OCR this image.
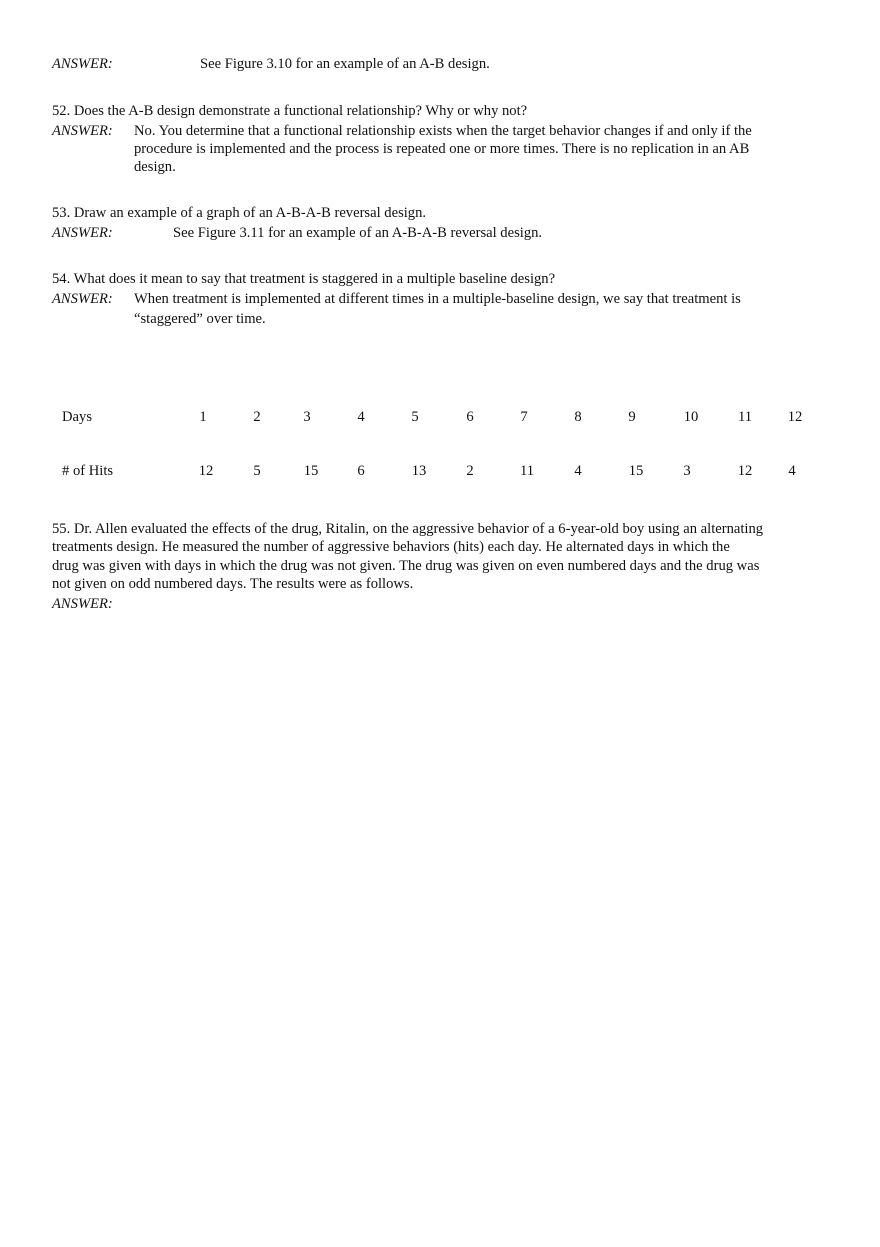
ANSWER:	See Figure 3.10 for an example of an A-B design.
52. Does the A-B design demonstrate a functional relationship? Why or why not?
ANSWER: No. You determine that a functional relationship exists when the target behavior changes if and only if the
procedure is implemented and the process is repeated one or more times. There is no replication in an AB
design.
53. Draw an example of a graph of an A-B-A-B reversal design.
ANSWER:	See Figure 3.11 for an example of an A-B-A-B reversal design.
54. What does it mean to say that treatment is staggered in a multiple baseline design?
ANSWER: When treatment is implemented at different times in a multiple-baseline design, we say that treatment is
“staggered” over time.
Days	1	2	3	4	5	6	7	8	9	10	11	12
# of Hits	12	5	15	6	13	2	11	4	15	3	12	4
55. Dr. Allen evaluated the effects of the drug, Ritalin, on the aggressive behavior of a 6-year-old boy using an alternating
treatments design. He measured the number of aggressive behaviors (hits) each day. He alternated days in which the
drug was given with days in which the drug was not given. The drug was given on even numbered days and the drug was
not given on odd numbered days. The results were as follows.
ANSWER:
